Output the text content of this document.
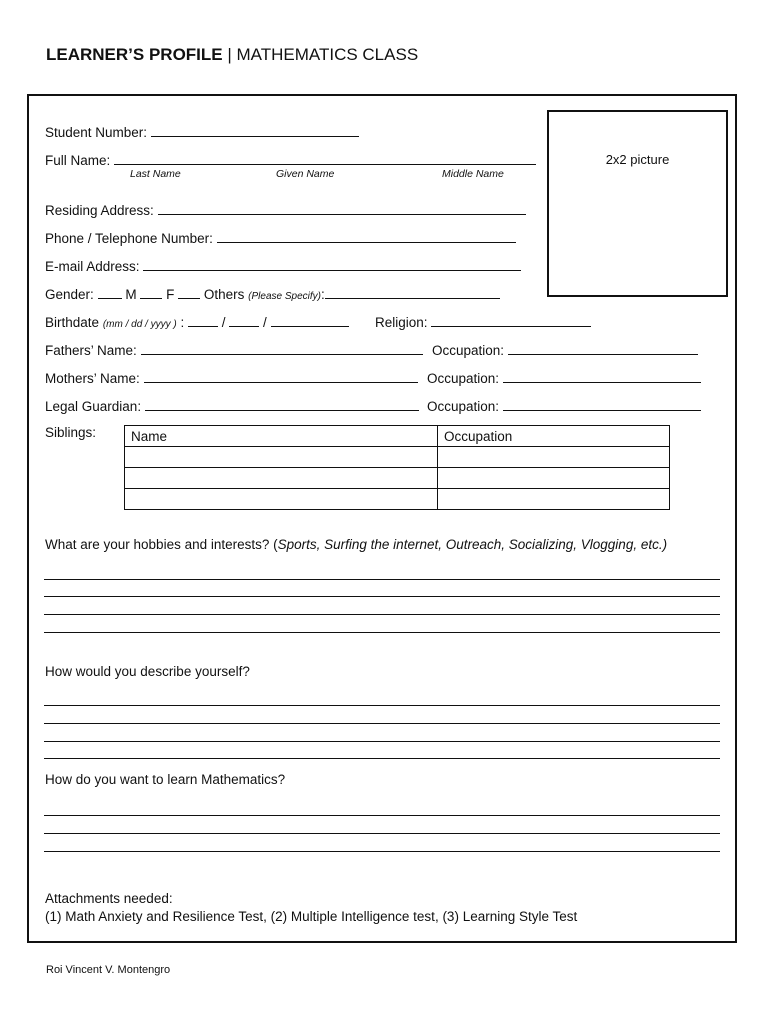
LEARNER’S PROFILE | MATHEMATICS CLASS
2x2 picture
Student Number:
Full Name:
Last Name	Given Name	Middle Name
Residing Address:
Phone / Telephone Number:
E-mail Address:
Gender: M F Others (Please Specify):
Birthdate (mm / dd / yyyy ) :  /  /	Religion:
Fathers’ Name:	Occupation:
Mothers’ Name:	Occupation:
Legal Guardian:	Occupation:
Siblings:	Name	Occupation

What are your hobbies and interests? (Sports, Surfing the internet, Outreach, Socializing, Vlogging, etc.)
How would you describe yourself?
How do you want to learn Mathematics?
Attachments needed:
(1) Math Anxiety and Resilience Test, (2) Multiple Intelligence test, (3) Learning Style Test
Roi Vincent V. Montengro
